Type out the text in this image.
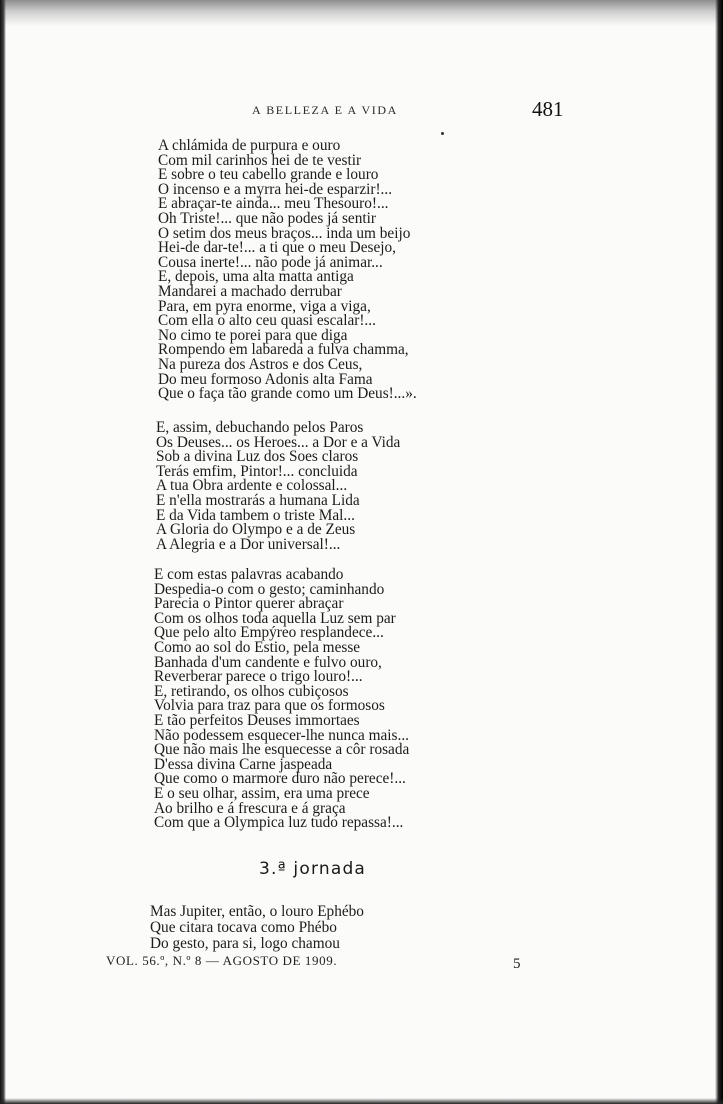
A BELLEZA E A VIDA	481
A chlámida de purpura e ouro
Com mil carinhos hei de te vestir
E sobre o teu cabello grande e louro
O incenso e a myrra hei-de esparzir!...
E abraçar-te ainda... meu Thesouro!...
Oh Triste!... que não podes já sentir
O setim dos meus braços... inda um beijo
Hei-de dar-te!... a ti que o meu Desejo,
Cousa inerte!... não pode já animar...
E, depois, uma alta matta antiga
Mandarei a machado derrubar
Para, em pyra enorme, viga a viga,
Com ella o alto ceu quasi escalar!...
No cimo te porei para que diga
Rompendo em labareda a fulva chamma,
Na pureza dos Astros e dos Ceus,
Do meu formoso Adonis alta Fama
Que o faça tão grande como um Deus!...».
E, assim, debuchando pelos Paros
Os Deuses... os Heroes... a Dor e a Vida
Sob a divina Luz dos Soes claros
Terás emfim, Pintor!... concluida
A tua Obra ardente e colossal...
E n'ella mostrarás a humana Lida
E da Vida tambem o triste Mal...
A Gloria do Olympo e a de Zeus
A Alegria e a Dor universal!...
E com estas palavras acabando
Despedia-o com o gesto; caminhando
Parecia o Pintor querer abraçar
Com os olhos toda aquella Luz sem par
Que pelo alto Empýreo resplandece...
Como ao sol do Estio, pela messe
Banhada d'um candente e fulvo ouro,
Reverberar parece o trigo louro!...
E, retirando, os olhos cubiçosos
Volvia para traz para que os formosos
E tão perfeitos Deuses immortaes
Não podessem esquecer-lhe nunca mais...
Que não mais lhe esquecesse a côr rosada
D'essa divina Carne jaspeada
Que como o marmore duro não perece!...
E o seu olhar, assim, era uma prece
Ao brilho e á frescura e á graça
Com que a Olympica luz tudo repassa!...
3.ª jornada
Mas Jupiter, então, o louro Ephébo
Que citara tocava como Phébo
Do gesto, para si, logo chamou
VOL. 56.º, N.º 8 — AGOSTO DE 1909.	5
